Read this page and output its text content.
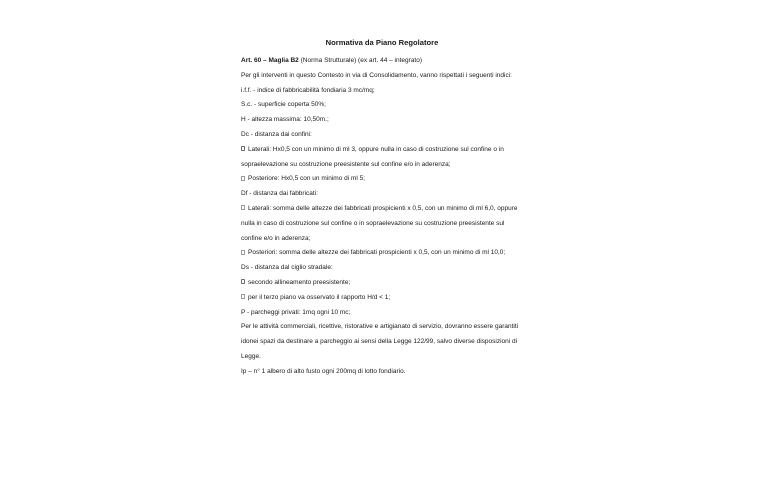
Normativa da Piano Regolatore
Art. 60 – Maglia B2 (Norma Strutturale) (ex art. 44 – integrato)
Per gli interventi in questo Contesto in via di Consolidamento, vanno rispettati i seguenti indici:
i.f.f. - indice di fabbricabilità fondiaria 3 mc/mq;
S.c. - superficie coperta 50%;
H - altezza massima: 10,50m.;
Dc - distanza dai confini:
Laterali: Hx0,5 con un minimo di ml 3, oppure nulla in caso di costruzione sul confine o in
sopraelevazione su costruzione preesistente sul confine e/o in aderenza;
Posteriore: Hx0,5 con un minimo di ml 5;
Df - distanza dai fabbricati:
Laterali: somma delle altezze dei fabbricati prospicienti x 0,5, con un minimo di ml 6,0, oppure
nulla in caso di costruzione sul confine o in sopraelevazione su costruzione preesistente sul
confine e/o in aderenza;
Posteriori: somma delle altezze dei fabbricati prospicienti x 0,5, con un minimo di ml 10,0;
Ds - distanza dal ciglio stradale:
secondo allineamento preesistente;
per il terzo piano va osservato il rapporto H/d < 1;
P - parcheggi privati: 1mq ogni 10 mc;
Per le attività commerciali, ricettive, ristorative e artigianato di servizio, dovranno essere garantiti
idonei spazi da destinare a parcheggio ai sensi della Legge 122/99, salvo diverse disposizioni di
Legge.
Ip – n° 1 albero di alto fusto ogni 200mq di lotto fondiario.
